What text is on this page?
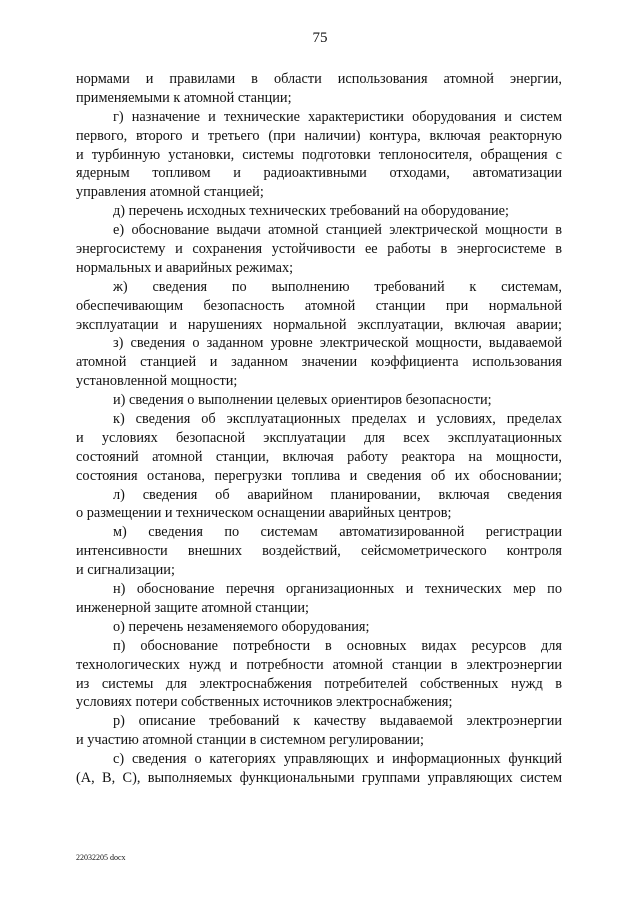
75
нормами и правилами в области использования атомной энергии,
применяемыми к атомной станции;
г) назначение и технические характеристики оборудования и систем
первого, второго и третьего (при наличии) контура, включая реакторную
и турбинную установки, системы подготовки теплоносителя, обращения с
ядерным топливом и радиоактивными отходами, автоматизации
управления атомной станцией;
д) перечень исходных технических требований на оборудование;
е) обоснование выдачи атомной станцией электрической мощности в
энергосистему и сохранения устойчивости ее работы в энергосистеме в
нормальных и аварийных режимах;
ж) сведения по выполнению требований к системам,
обеспечивающим безопасность атомной станции при нормальной
эксплуатации и нарушениях нормальной эксплуатации, включая аварии;
з) сведения о заданном уровне электрической мощности, выдаваемой
атомной станцией и заданном значении коэффициента использования
установленной мощности;
и) сведения о выполнении целевых ориентиров безопасности;
к) сведения об эксплуатационных пределах и условиях, пределах
и условиях безопасной эксплуатации для всех эксплуатационных
состояний атомной станции, включая работу реактора на мощности,
состояния останова, перегрузки топлива и сведения об их обосновании;
л) сведения об аварийном планировании, включая сведения
о размещении и техническом оснащении аварийных центров;
м) сведения по системам автоматизированной регистрации
интенсивности внешних воздействий, сейсмометрического контроля
и сигнализации;
н) обоснование перечня организационных и технических мер по
инженерной защите атомной станции;
о) перечень незаменяемого оборудования;
п) обоснование потребности в основных видах ресурсов для
технологических нужд и потребности атомной станции в электроэнергии
из системы для электроснабжения потребителей собственных нужд в
условиях потери собственных источников электроснабжения;
р) описание требований к качеству выдаваемой электроэнергии
и участию атомной станции в системном регулировании;
с) сведения о категориях управляющих и информационных функций
(A, B, C), выполняемых функциональными группами управляющих систем
22032205 docx
